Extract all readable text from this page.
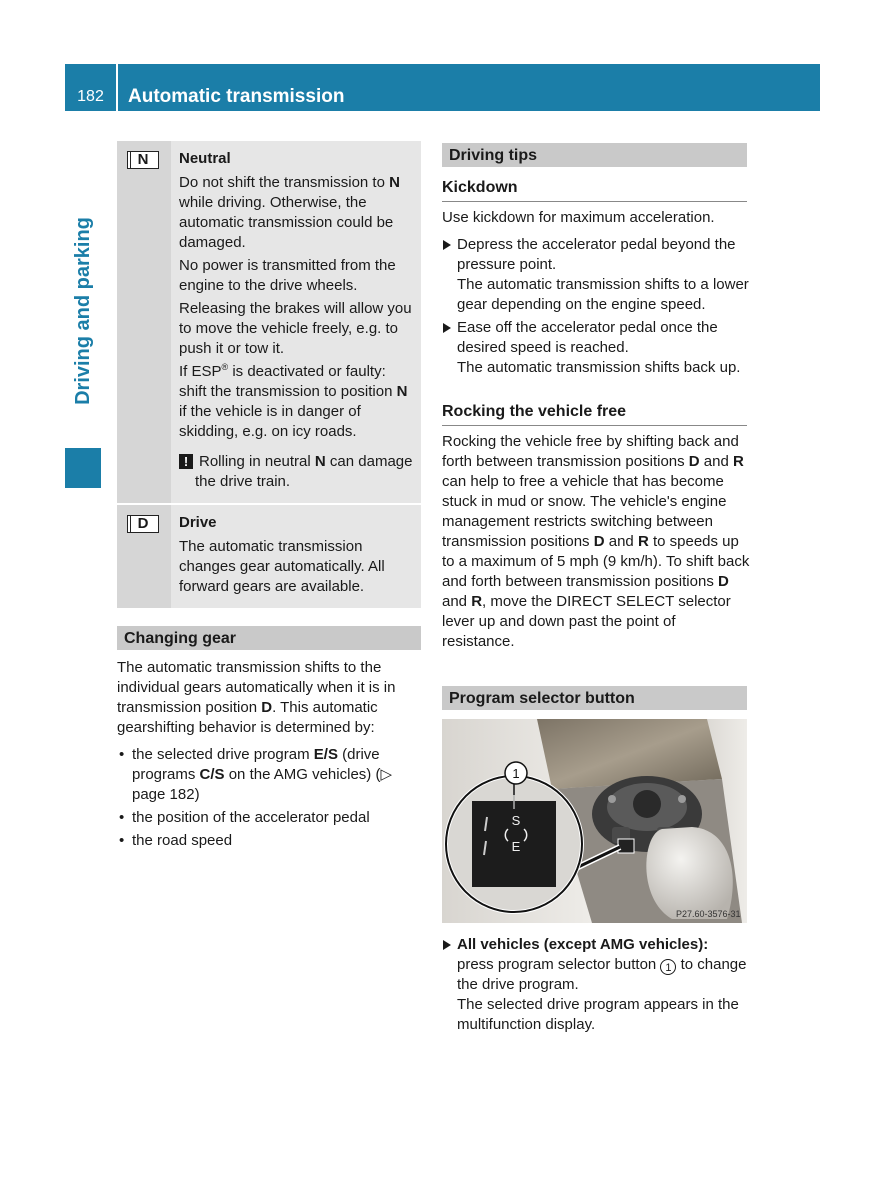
182	Automatic transmission
Driving and parking
N	Neutral

Do not shift the transmission to N while driving. Otherwise, the automatic transmission could be damaged.

No power is transmitted from the engine to the drive wheels.

Releasing the brakes will allow you to move the vehicle freely, e.g. to push it or tow it.

If ESP® is deactivated or faulty: shift the transmission to position N if the vehicle is in danger of skidding, e.g. on icy roads.

! Rolling in neutral N can damage the drive train.

D	Drive

The automatic transmission changes gear automatically. All forward gears are available.

Changing gear

The automatic transmission shifts to the individual gears automatically when it is in transmission position D. This automatic gearshifting behavior is determined by:

• the selected drive program E/S (drive programs C/S on the AMG vehicles) (▷ page 182)

• the position of the accelerator pedal

• the road speed

Driving tips
Kickdown

Use kickdown for maximum acceleration.

Depress the accelerator pedal beyond the pressure point.

The automatic transmission shifts to a lower gear depending on the engine speed.

Ease off the accelerator pedal once the desired speed is reached.

The automatic transmission shifts back up.

Rocking the vehicle free

Rocking the vehicle free by shifting back and forth between transmission positions D and R can help to free a vehicle that has become stuck in mud or snow. The vehicle's engine management restricts switching between transmission positions D and R to speeds up to a maximum of 5 mph (9 km/h). To shift back and forth between transmission positions D and R, move the DIRECT SELECT selector lever up and down past the point of resistance.

Program selector button
S
E
1
P27.60-3576-31

All vehicles (except AMG vehicles):
press program selector button 1 to change the drive program.

The selected drive program appears in the multifunction display.
